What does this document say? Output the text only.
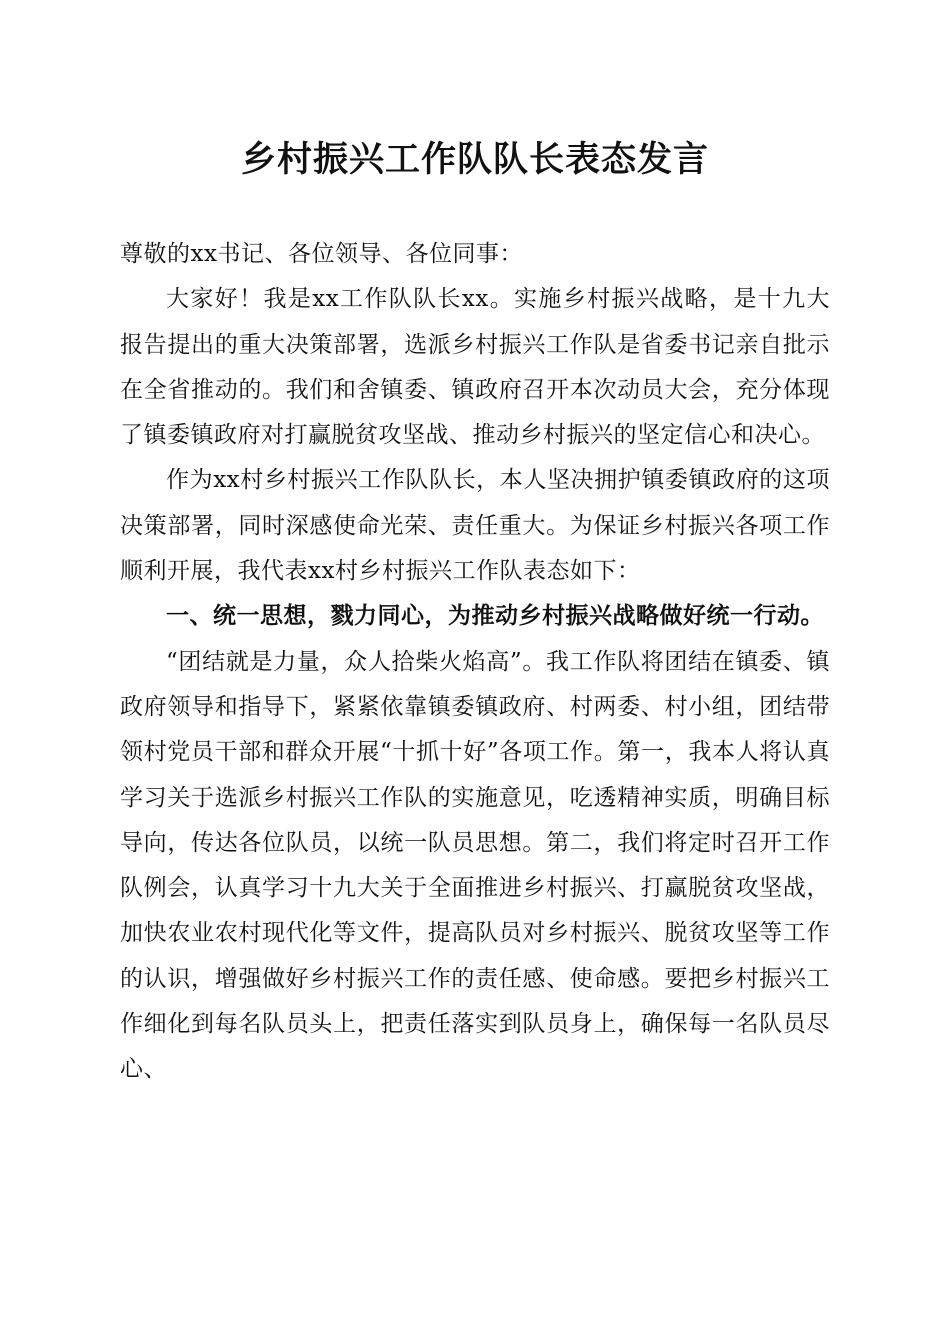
乡村振兴工作队队长表态发言

尊敬的xx书记、各位领导、各位同事：

大家好！我是xx工作队队长xx。实施乡村振兴战略，是十九大报告提出的重大决策部署，选派乡村振兴工作队是省委书记亲自批示在全省推动的。我们和舍镇委、镇政府召开本次动员大会，充分体现了镇委镇政府对打赢脱贫攻坚战、推动乡村振兴的坚定信心和决心。

作为xx村乡村振兴工作队队长，本人坚决拥护镇委镇政府的这项决策部署，同时深感使命光荣、责任重大。为保证乡村振兴各项工作顺利开展，我代表xx村乡村振兴工作队表态如下：

一、统一思想，戮力同心，为推动乡村振兴战略做好统一行动。

“团结就是力量，众人拾柴火焰高”。我工作队将团结在镇委、镇政府领导和指导下，紧紧依靠镇委镇政府、村两委、村小组，团结带领村党员干部和群众开展“十抓十好”各项工作。第一，我本人将认真学习关于选派乡村振兴工作队的实施意见，吃透精神实质，明确目标导向，传达各位队员，以统一队员思想。第二，我们将定时召开工作队例会，认真学习十九大关于全面推进乡村振兴、打赢脱贫攻坚战，加快农业农村现代化等文件，提高队员对乡村振兴、脱贫攻坚等工作的认识，增强做好乡村振兴工作的责任感、使命感。要把乡村振兴工作细化到每名队员头上，把责任落实到队员身上，确保每一名队员尽心、
